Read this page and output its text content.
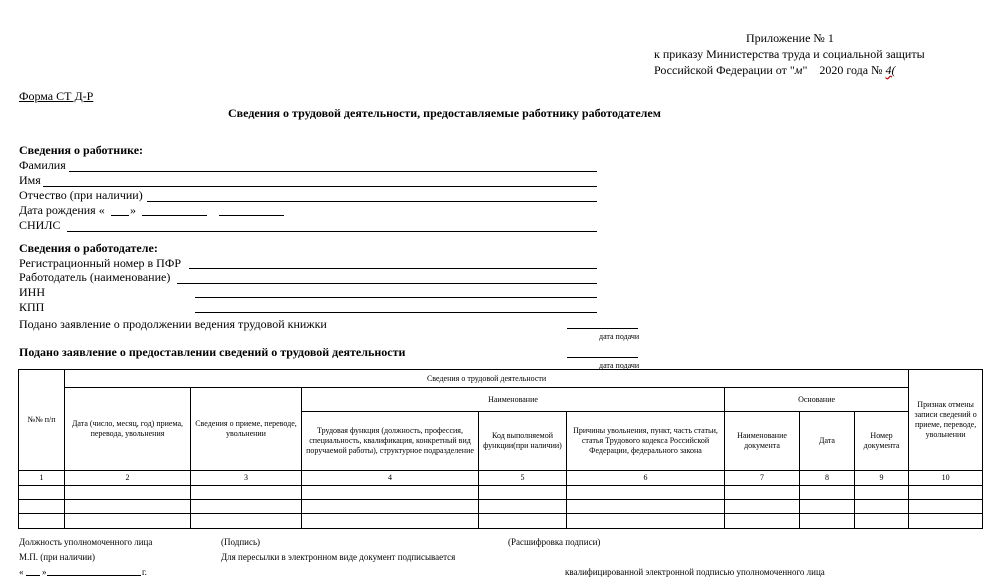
Приложение № 1
к приказу Министерства труда и социальной защиты
Российской Федерации от "м"    2020 года № 4(
Форма СТ Д-Р
Сведения о трудовой деятельности, предоставляемые работнику работодателем
Сведения о работнике:
Фамилия
Имя
Отчество (при наличии)
Дата рождения « »
СНИЛС
Сведения о работодателе:
Регистрационный номер в ПФР
Работодатель (наименование)
ИНН
КПП
Подано заявление о продолжении ведения трудовой книжки
дата подачи
Подано заявление о предоставлении сведений о трудовой деятельности
дата подачи
№№ п/п	Сведения о трудовой деятельности								Признак отмены записи сведений о приеме, переводе, увольнении
	Дата (число, месяц, год) приема, перевода, увольнения	Сведения о приеме, переводе, увольнении	Наименование			Основание			
			Трудовая функция (должность, профессия, специальность, квалификация, конкретный вид поручаемой работы), структурное подразделение	Код выполняемой функции(при наличии)	Причины увольнения, пункт, часть статьи, статья Трудового кодекса Российской Федерации, федерального закона	Наименование документа	Дата	Номер документа	
1	2	3	4	5	6	7	8	9	10

Должность уполномоченного лица	(Подпись)	(Расшифровка подписи)
М.П. (при наличии)	Для пересылки в электронном виде документ подписывается
« »	г.	квалифицированной электронной подписью уполномоченного лица
